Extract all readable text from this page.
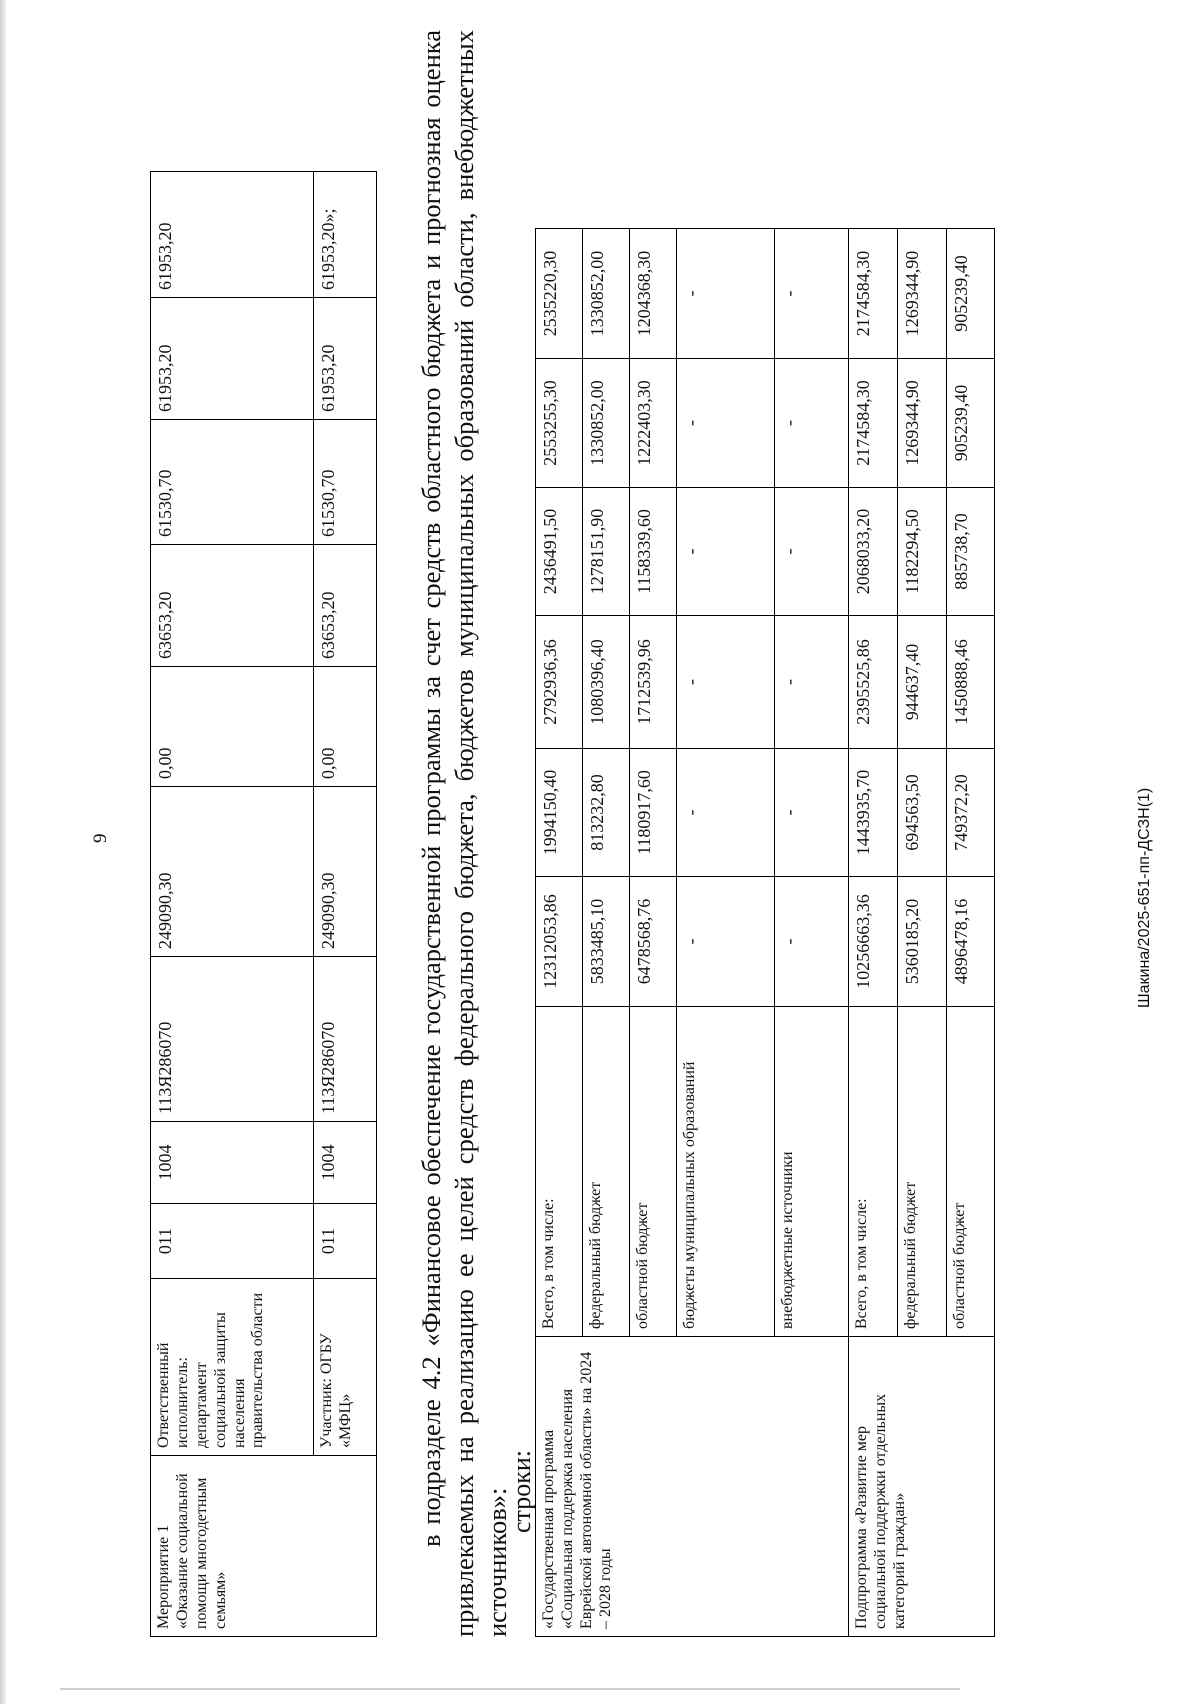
9	Шакина/2025-651-пп-ДСЗН(1)
Мероприятие 1 «Оказание социальной помощи многодетным семьям»	Ответственный исполнитель: департамент социальной защиты населения правительства области	011	1004	113Я286070	249090,30	0,00	63653,20	61530,70	61953,20	61953,20
	Участник: ОГБУ «МФЦ»	011	1004	113Я286070	249090,30	0,00	63653,20	61530,70	61953,20	61953,20»;	в подразделе 4.2 «Финансовое обеспечение государственной программы за счет средств областного бюджета и прогнозная оценка привлекаемых на реализацию ее целей средств федерального бюджета, бюджетов муниципальных образований области, внебюджетных источников»:
строки: «Государственная программа «Социальная поддержка населения Еврейской автономной области» на 2024 – 2028 годы	Всего, в том числе:	12312053,86	1994150,40	2792936,36	2436491,50	2553255,30	2535220,30
	федеральный бюджет	5833485,10	813232,80	1080396,40	1278151,90	1330852,00	1330852,00
	областной бюджет	6478568,76	1180917,60	1712539,96	1158339,60	1222403,30	1204368,30
	бюджеты муниципальных образований	-	-	-	-	-	-
	внебюджетные источники	-	-	-	-	-	-
Подпрограмма «Развитие мер социальной поддержки отдельных категорий граждан»	Всего, в том числе:	10256663,36	1443935,70	2395525,86	2068033,20	2174584,30	2174584,30
	федеральный бюджет	5360185,20	694563,50	944637,40	1182294,50	1269344,90	1269344,90
	областной бюджет	4896478,16	749372,20	1450888,46	885738,70	905239,40	905239,40
